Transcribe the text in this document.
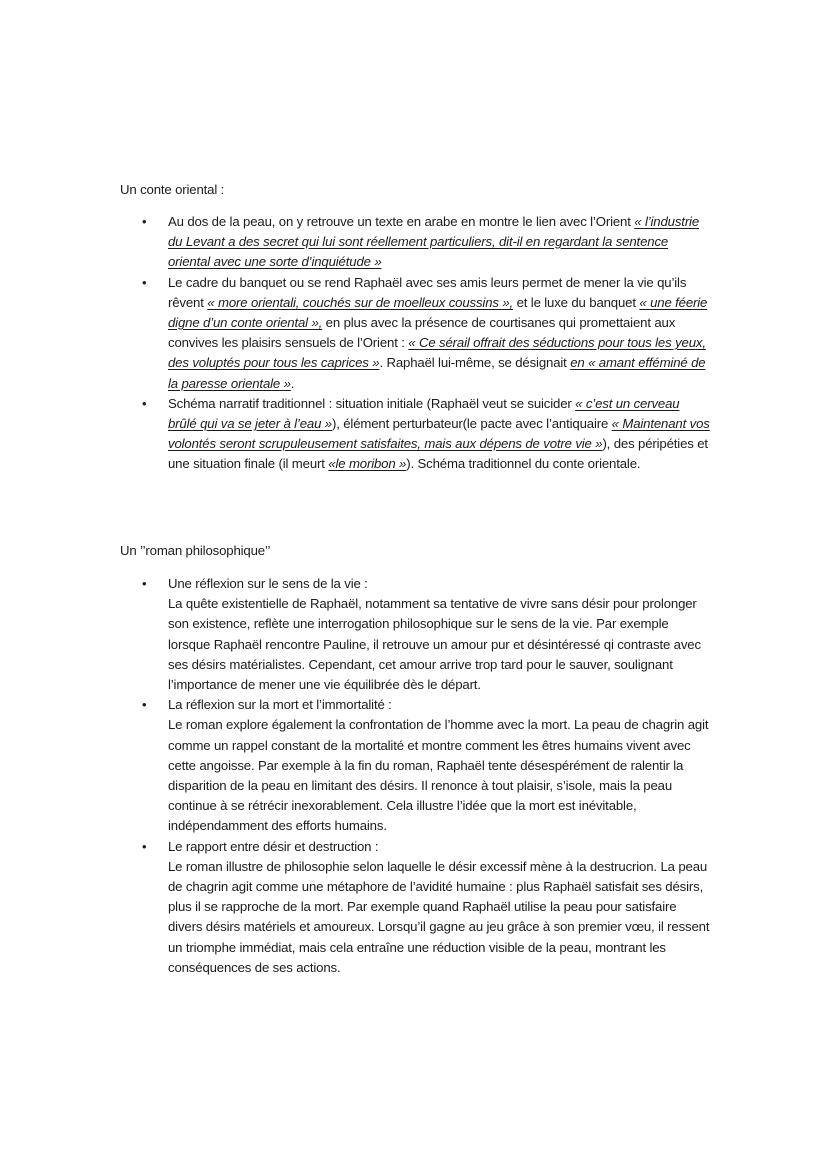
Un conte oriental :
• Au dos de la peau, on y retrouve un texte en arabe en montre le lien avec l’Orient « l’industrie du Levant a des secret qui lui sont réellement particuliers, dit-il en regardant la sentence oriental avec une sorte d’inquiétude »
• Le cadre du banquet ou se rend Raphaël avec ses amis leurs permet de mener la vie qu’ils rêvent « more orientali, couchés sur de moelleux coussins », et le luxe du banquet « une féerie digne d’un conte oriental », en plus avec la présence de courtisanes qui promettaient aux convives les plaisirs sensuels de l’Orient : « Ce sérail offrait des séductions pour tous les yeux, des voluptés pour tous les caprices ». Raphaël lui-même, se désignait en « amant efféminé de la paresse orientale ».
• Schéma narratif traditionnel : situation initiale (Raphaël veut se suicider « c’est un cerveau brûlé qui va se jeter à l’eau »), élément perturbateur(le pacte avec l’antiquaire « Maintenant vos volontés seront scrupuleusement satisfaites, mais aux dépens de votre vie »), des péripéties et une situation finale (il meurt «le moribon »). Schéma traditionnel du conte orientale.
Un ’’roman philosophique’’
• Une réflexion sur le sens de la vie :
La quête existentielle de Raphaël, notamment sa tentative de vivre sans désir pour prolonger son existence, reflète une interrogation philosophique sur le sens de la vie. Par exemple lorsque Raphaël rencontre Pauline, il retrouve un amour pur et désintéressé qi contraste avec ses désirs matérialistes. Cependant, cet amour arrive trop tard pour le sauver, soulignant l’importance de mener une vie équilibrée dès le départ.
• La réflexion sur la mort et l’immortalité :
Le roman explore également la confrontation de l’homme avec la mort. La peau de chagrin agit comme un rappel constant de la mortalité et montre comment les êtres humains vivent avec cette angoisse. Par exemple à la fin du roman, Raphaël tente désespérément de ralentir la disparition de la peau en limitant des désirs. Il renonce à tout plaisir, s’isole, mais la peau continue à se rétrécir inexorablement. Cela illustre l’idée que la mort est inévitable, indépendamment des efforts humains.
• Le rapport entre désir et destruction :
Le roman illustre de philosophie selon laquelle le désir excessif mène à la destrucrion. La peau de chagrin agit comme une métaphore de l’avidité humaine : plus Raphaël satisfait ses désirs, plus il se rapproche de la mort. Par exemple quand Raphaël utilise la peau pour satisfaire divers désirs matériels et amoureux. Lorsqu’il gagne au jeu grâce à son premier vœu, il ressent un triomphe immédiat, mais cela entraîne une réduction visible de la peau, montrant les conséquences de ses actions.
